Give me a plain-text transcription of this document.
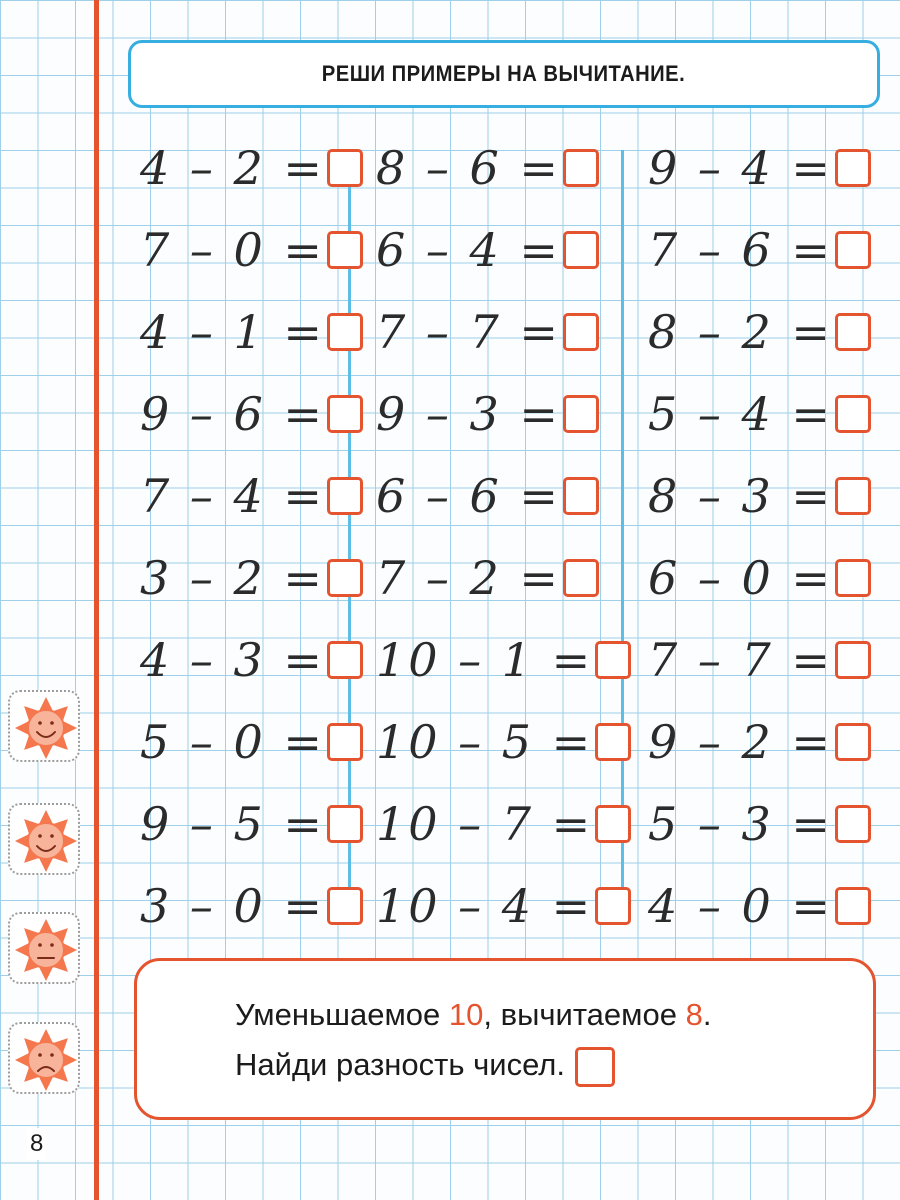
РЕШИ ПРИМЕРЫ НА ВЫЧИТАНИЕ.
4 – 2 =
7 – 0 =
4 – 1 =
9 – 6 =
7 – 4 =
3 – 2 =
4 – 3 =
5 – 0 =
9 – 5 =
3 – 0 =
8 – 6 =
6 – 4 =
7 – 7 =
9 – 3 =
6 – 6 =
7 – 2 =
10 – 1 =
10 – 5 =
10 – 7 =
10 – 4 =
9 – 4 =
7 – 6 =
8 – 2 =
5 – 4 =
8 – 3 =
6 – 0 =
7 – 7 =
9 – 2 =
5 – 3 =
4 – 0 =
Уменьшаемое 10, вычитаемое 8.
Найди разность чисел.
8
